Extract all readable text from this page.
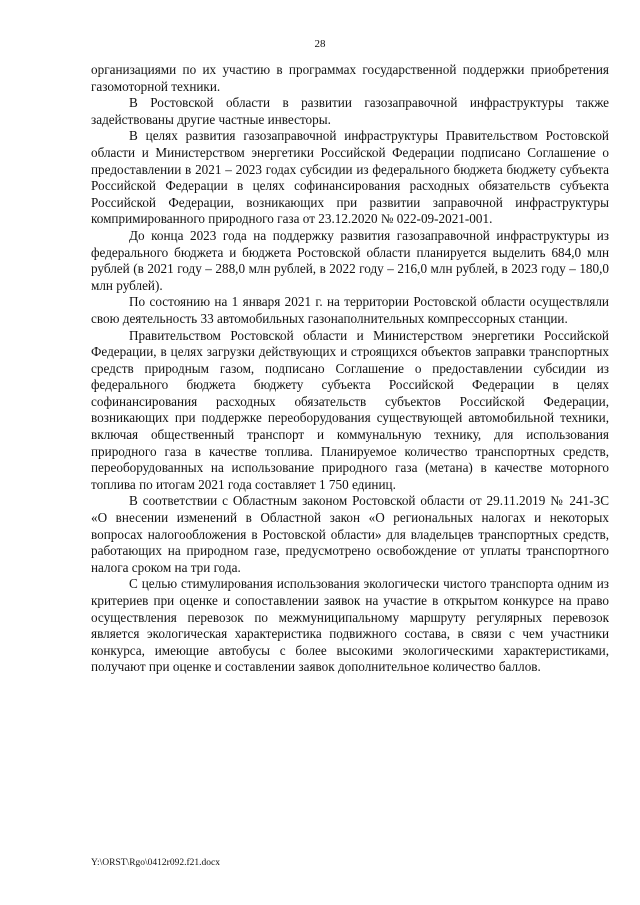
28

организациями по их участию в программах государственной поддержки приобретения газомоторной техники.

В Ростовской области в развитии газозаправочной инфраструктуры также задействованы другие частные инвесторы.

В целях развития газозаправочной инфраструктуры Правительством Ростовской области и Министерством энергетики Российской Федерации подписано Соглашение о предоставлении в 2021 – 2023 годах субсидии из федерального бюджета бюджету субъекта Российской Федерации в целях софинансирования расходных обязательств субъекта Российской Федерации, возникающих при развитии заправочной инфраструктуры компримированного природного газа от 23.12.2020 № 022-09-2021-001.

До конца 2023 года на поддержку развития газозаправочной инфраструктуры из федерального бюджета и бюджета Ростовской области планируется выделить 684,0 млн рублей (в 2021 году – 288,0 млн рублей, в 2022 году – 216,0 млн рублей, в 2023 году – 180,0 млн рублей).

По состоянию на 1 января 2021 г. на территории Ростовской области осуществляли свою деятельность 33 автомобильных газонаполнительных компрессорных станции.

Правительством Ростовской области и Министерством энергетики Российской Федерации, в целях загрузки действующих и строящихся объектов заправки транспортных средств природным газом, подписано Соглашение о предоставлении субсидии из федерального бюджета бюджету субъекта Российской Федерации в целях софинансирования расходных обязательств субъектов Российской Федерации, возникающих при поддержке переоборудования существующей автомобильной техники, включая общественный транспорт и коммунальную технику, для использования природного газа в качестве топлива. Планируемое количество транспортных средств, переоборудованных на использование природного газа (метана) в качестве моторного топлива по итогам 2021 года составляет 1 750 единиц.

В соответствии с Областным законом Ростовской области от 29.11.2019 № 241-ЗС «О внесении изменений в Областной закон «О региональных налогах и некоторых вопросах налогообложения в Ростовской области» для владельцев транспортных средств, работающих на природном газе, предусмотрено освобождение от уплаты транспортного налога сроком на три года.

С целью стимулирования использования экологически чистого транспорта одним из критериев при оценке и сопоставлении заявок на участие в открытом конкурсе на право осуществления перевозок по межмуниципальному маршруту регулярных перевозок является экологическая характеристика подвижного состава, в связи с чем участники конкурса, имеющие автобусы с более высокими экологическими характеристиками, получают при оценке и составлении заявок дополнительное количество баллов.

Y:\ORST\Rgo\0412r092.f21.docx
